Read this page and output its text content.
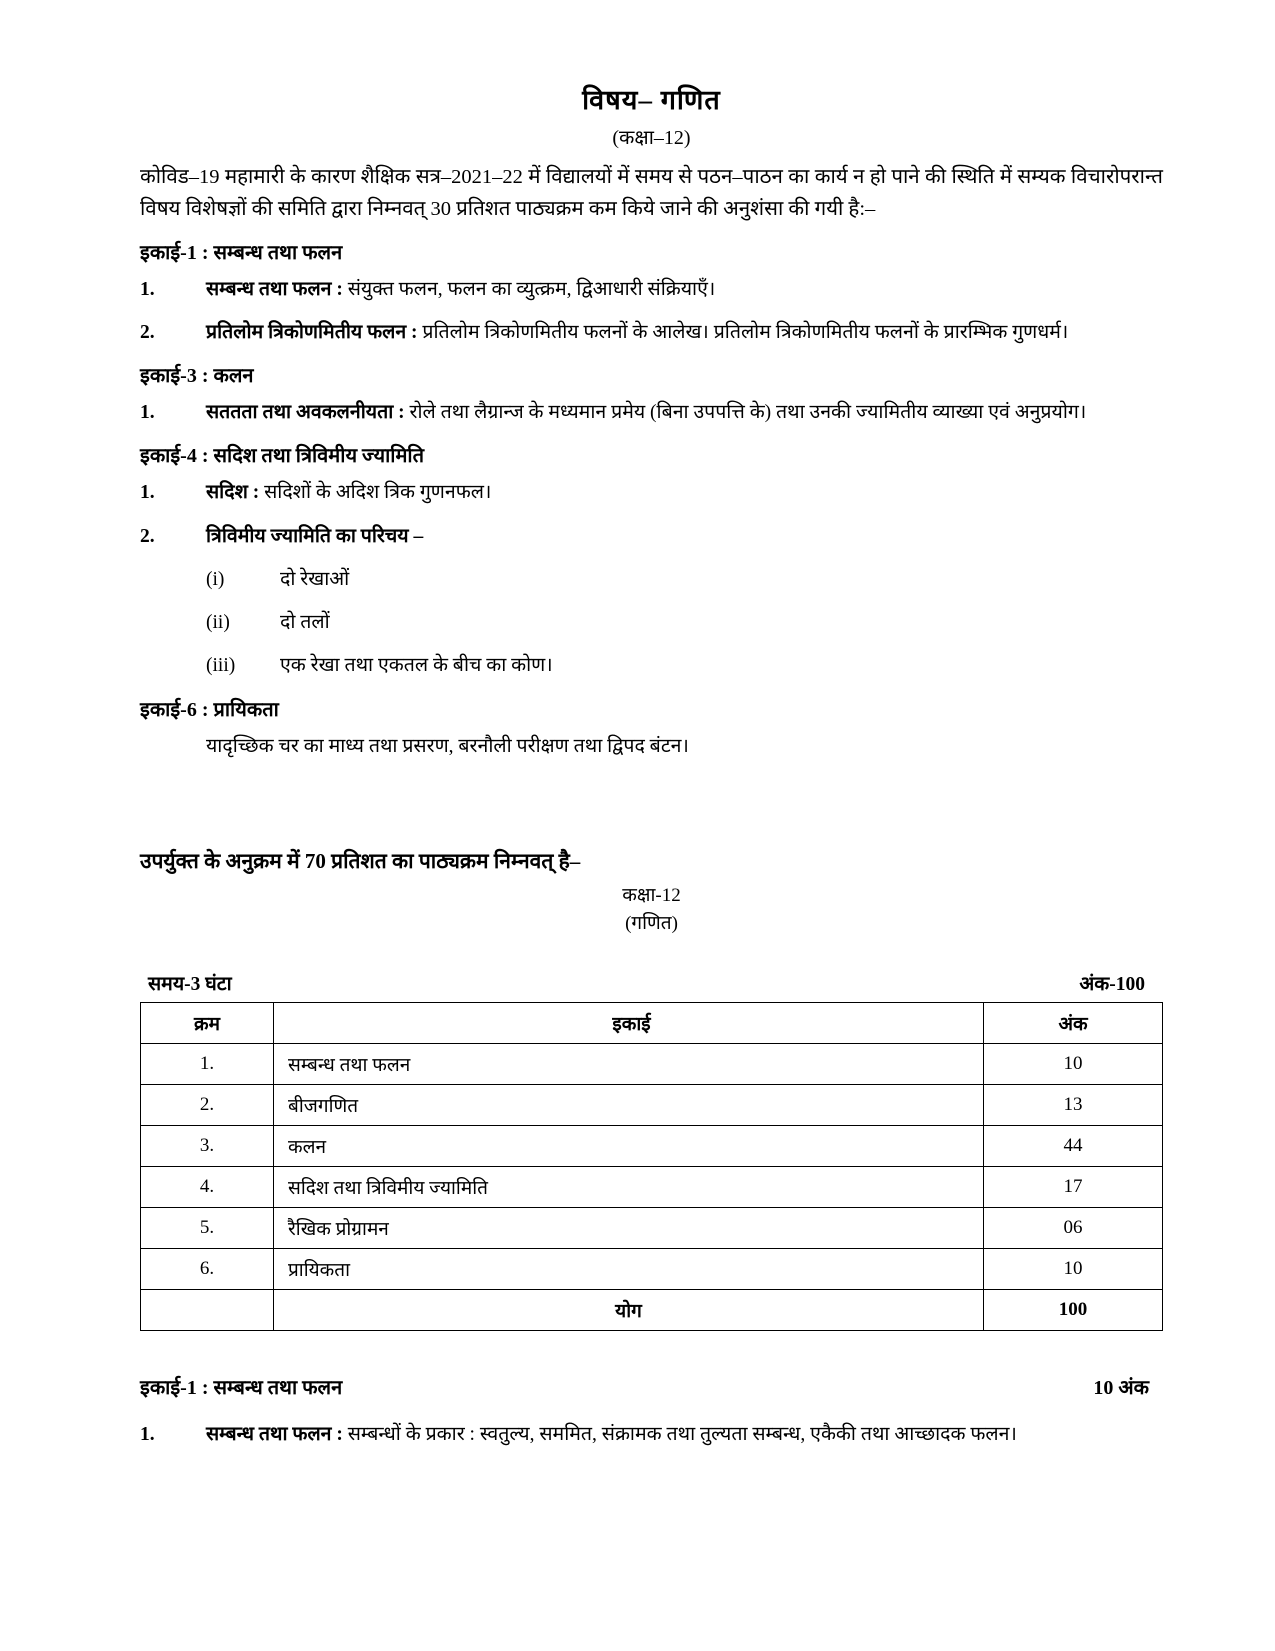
विषय– गणित
(कक्षा–12)

कोविड–19 महामारी के कारण शैक्षिक सत्र–2021–22 में विद्यालयों में समय से पठन–पाठन का कार्य न हो पाने की स्थिति में सम्यक विचारोपरान्त विषय विशेषज्ञों की समिति द्वारा निम्नवत् 30 प्रतिशत पाठ्यक्रम कम किये जाने की अनुशंसा की गयी है:–

इकाई-1 : सम्बन्ध तथा फलन
1.	सम्बन्ध तथा फलन : संयुक्त फलन, फलन का व्युत्क्रम, द्विआधारी संक्रियाएँ।
2.	प्रतिलोम त्रिकोणमितीय फलन : प्रतिलोम त्रिकोणमितीय फलनों के आलेख। प्रतिलोम त्रिकोणमितीय फलनों के प्रारम्भिक गुणधर्म।
इकाई-3 : कलन
1.	सततता तथा अवकलनीयता : रोले तथा लैग्रान्ज के मध्यमान प्रमेय (बिना उपपत्ति के) तथा उनकी ज्यामितीय व्याख्या एवं अनुप्रयोग।
इकाई-4 : सदिश तथा त्रिविमीय ज्यामिति
1.	सदिश : सदिशों के अदिश त्रिक गुणनफल।
2.	त्रिविमीय ज्यामिति का परिचय –
(i)	दो रेखाओं
(ii)	दो तलों
(iii)	एक रेखा तथा एकतल के बीच का कोण।
इकाई-6 : प्रायिकता
यादृच्छिक चर का माध्य तथा प्रसरण, बरनौली परीक्षण तथा द्विपद बंटन।
उपर्युक्त के अनुक्रम में 70 प्रतिशत का पाठ्यक्रम निम्नवत् है–
कक्षा-12
(गणित)
समय-3 घंटा	अंक-100
क्रम	इकाई	अंक
1.	सम्बन्ध तथा फलन	10
2.	बीजगणित	13
3.	कलन	44
4.	सदिश तथा त्रिविमीय ज्यामिति	17
5.	रैखिक प्रोग्रामन	06
6.	प्रायिकता	10
	योग	100
इकाई-1 : सम्बन्ध तथा फलन	10 अंक
1.	सम्बन्ध तथा फलन : सम्बन्धों के प्रकार : स्वतुल्य, सममित, संक्रामक तथा तुल्यता सम्बन्ध, एकैकी तथा आच्छादक फलन।
